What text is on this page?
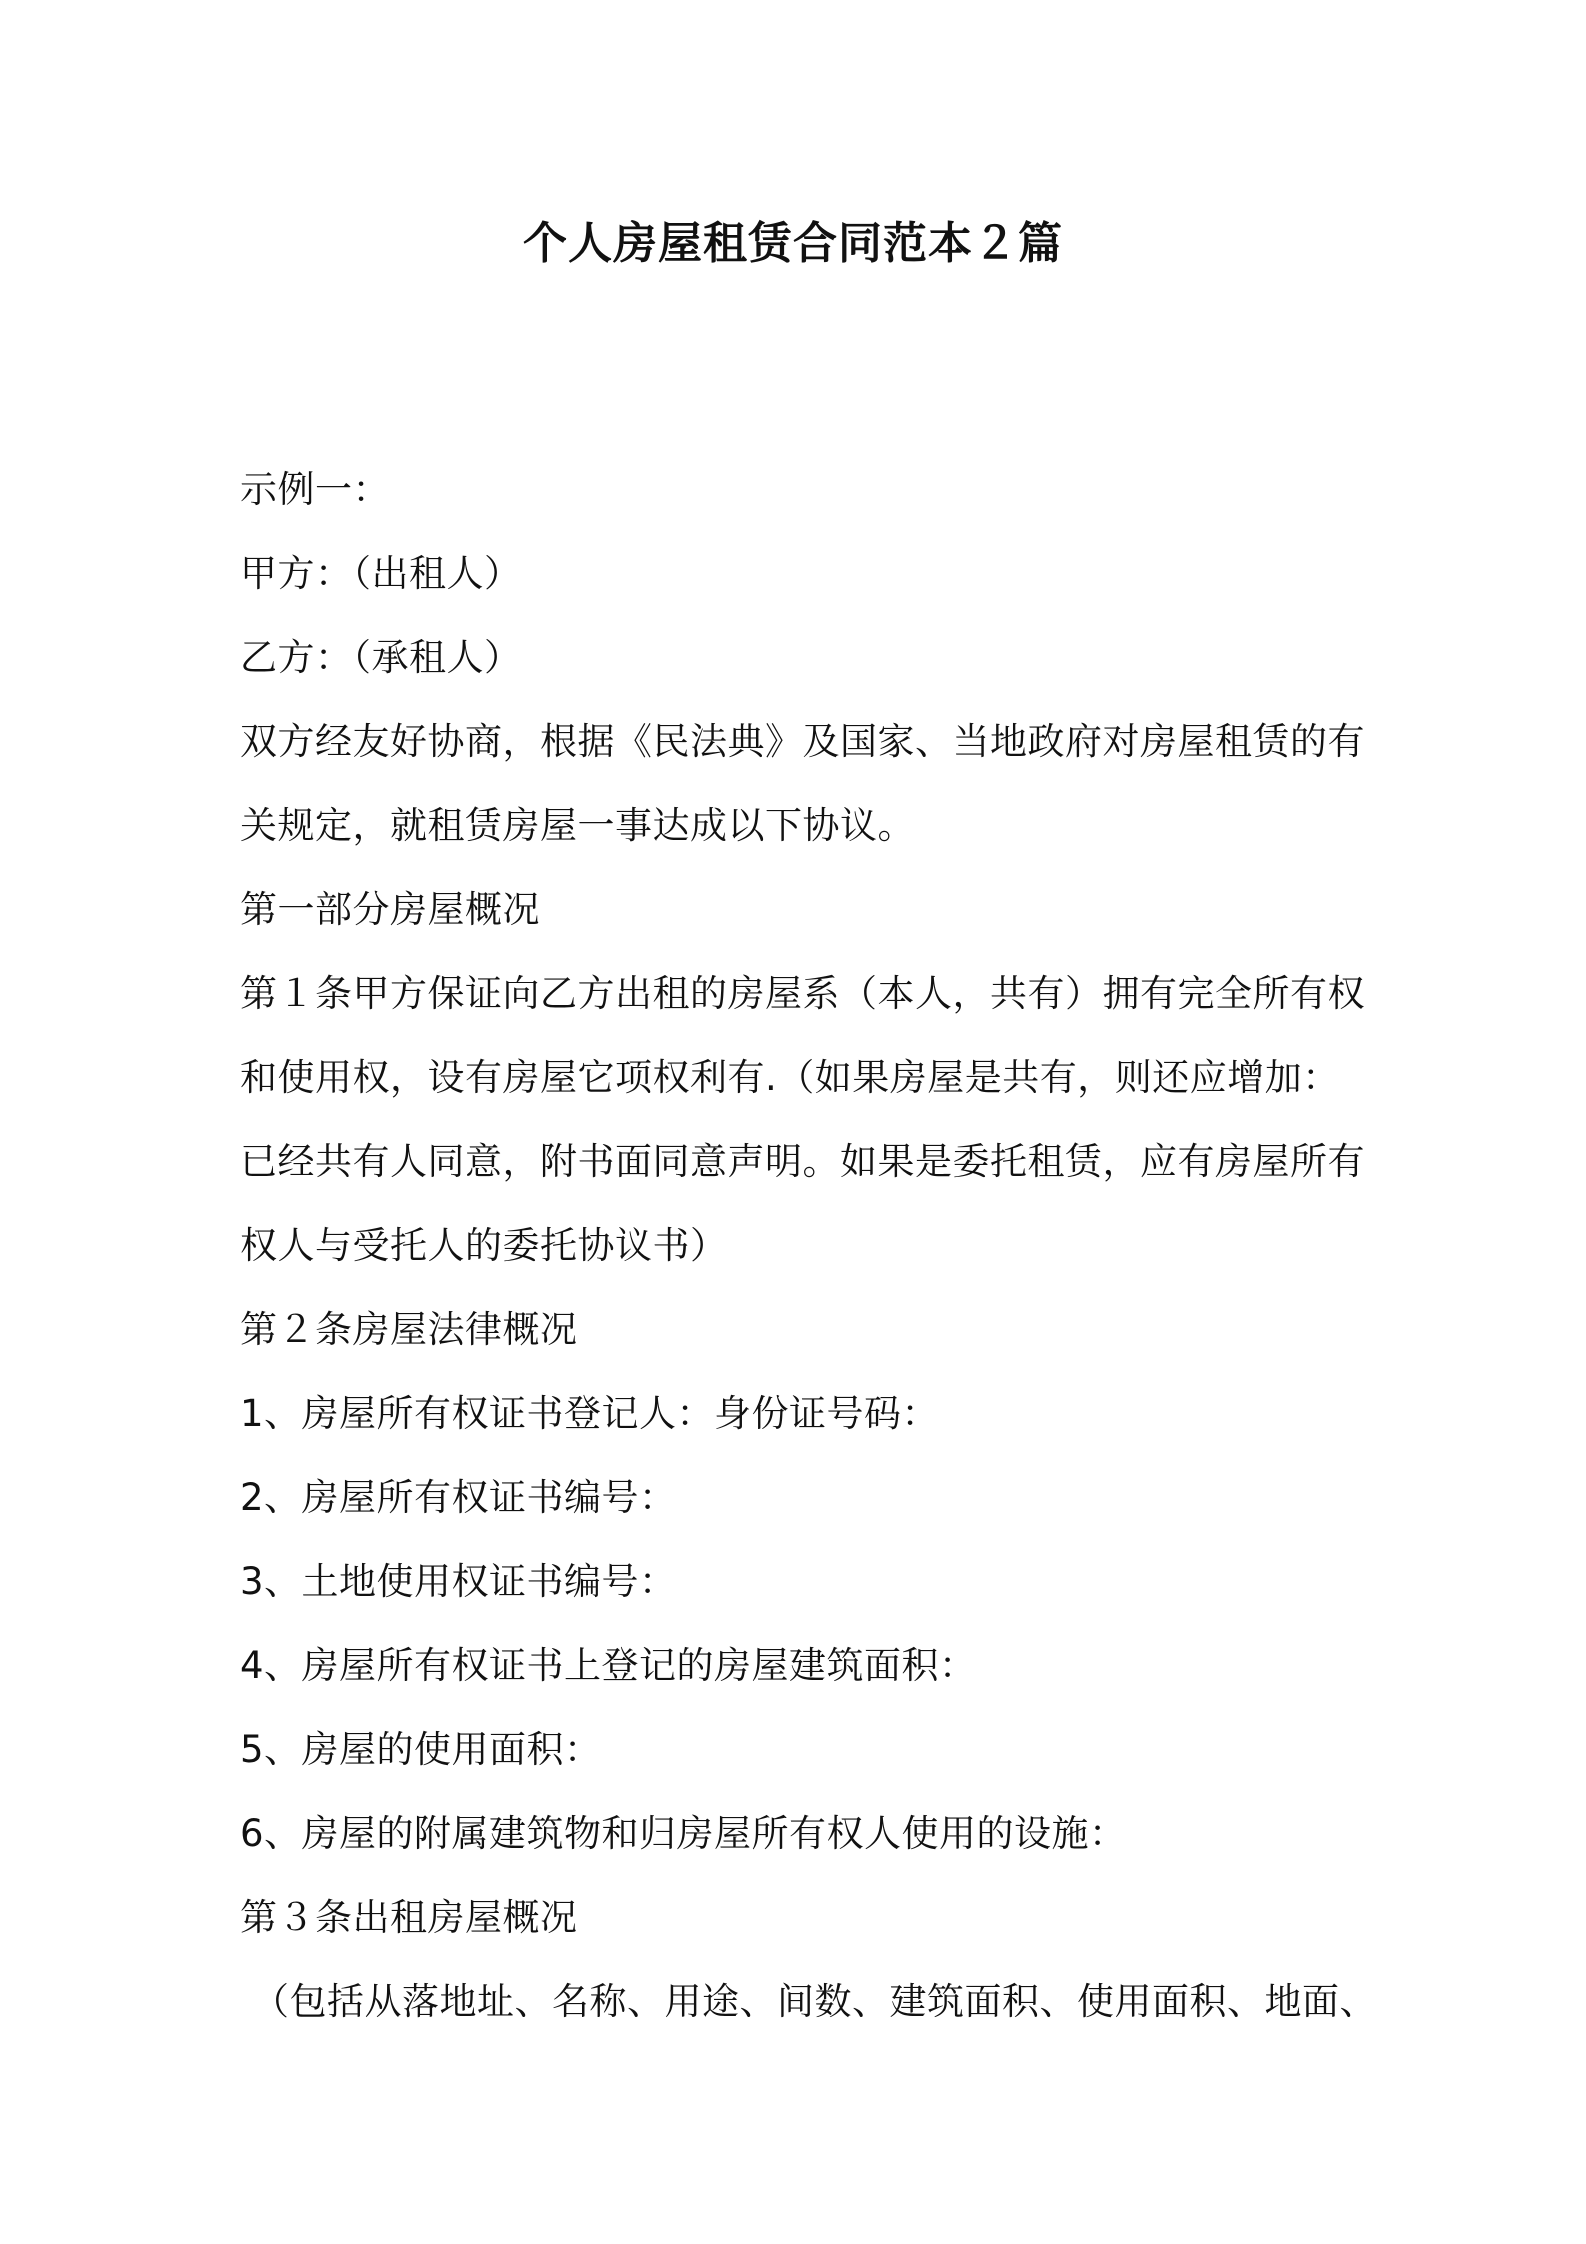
个人房屋租赁合同范本２篇
示例一：
甲方：（出租人）
乙方：（承租人）
双方经友好协商，根据《民法典》及国家、当地政府对房屋租赁的有
关规定，就租赁房屋一事达成以下协议。
第一部分房屋概况
第１条甲方保证向乙方出租的房屋系（本人，共有）拥有完全所有权
和使用权，设有房屋它项权利有.（如果房屋是共有，则还应增加：
已经共有人同意，附书面同意声明。如果是委托租赁，应有房屋所有
权人与受托人的委托协议书）
第２条房屋法律概况
1、房屋所有权证书登记人：身份证号码：
2、房屋所有权证书编号：
3、土地使用权证书编号：
4、房屋所有权证书上登记的房屋建筑面积：
5、房屋的使用面积：
6、房屋的附属建筑物和归房屋所有权人使用的设施：
第３条出租房屋概况
（包括从落地址、名称、用途、间数、建筑面积、使用面积、地面、
